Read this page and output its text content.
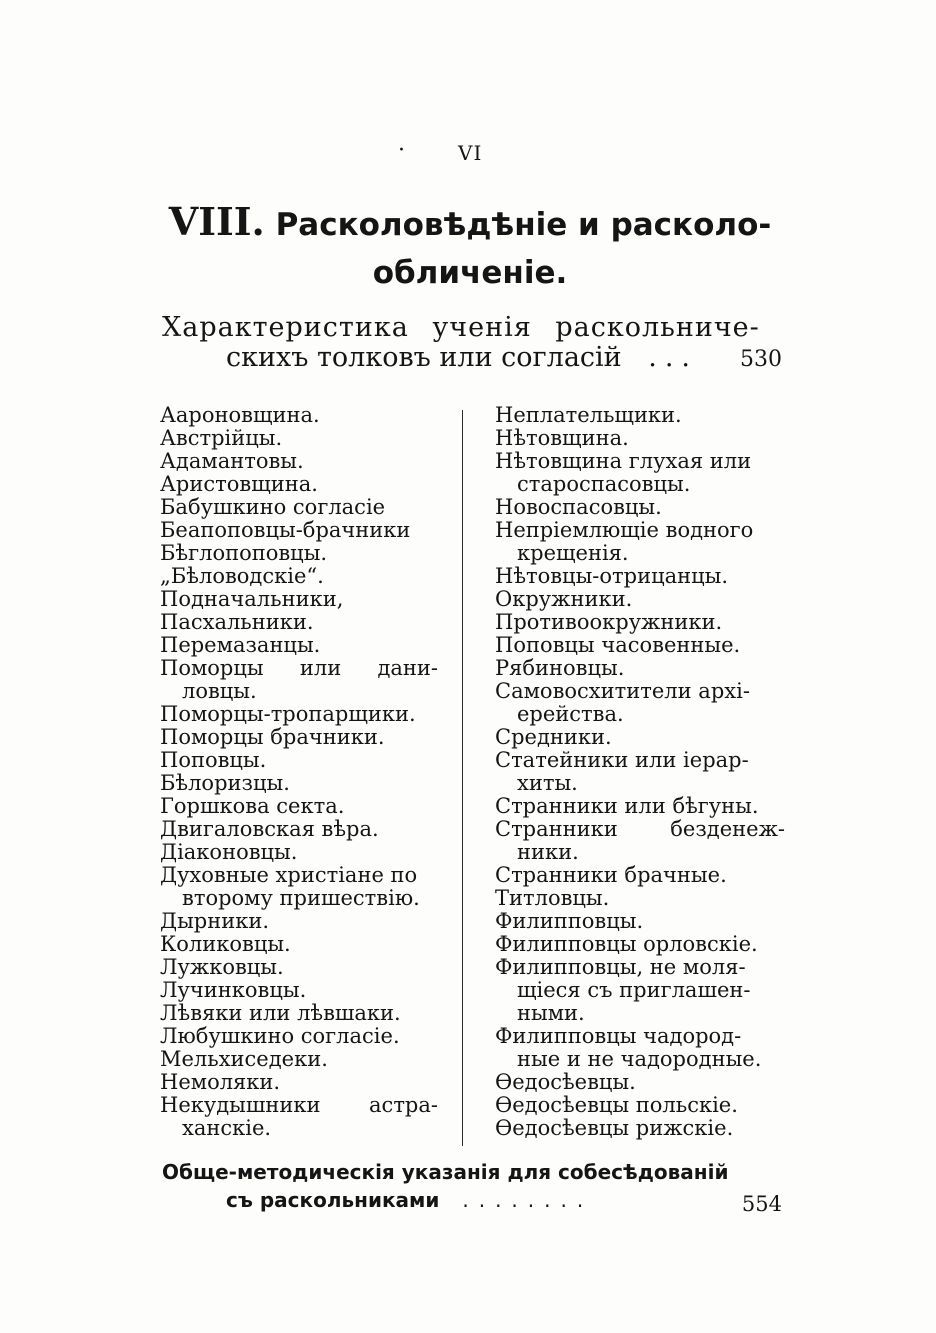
·	VI
VIII. Расколовѣдѣніе и расколо-
обличеніе.
Характеристика ученія раскольниче-
скихъ толковъ или согласій ...	530
Аароновщина.
Австрійцы.
Адамантовы.
Аристовщина.
Бабушкино согласіе
Беапоповцы-брачники
Бѣглопоповцы.
„Бѣловодскіе“.
Подначальники,
Пасхальники.
Перемазанцы.
Поморцы или дани-
ловцы.
Поморцы-тропарщики.
Поморцы брачники.
Поповцы.
Бѣлоризцы.
Горшкова секта.
Двигаловская вѣра.
Діаконовцы.
Духовные христіане по
второму пришествію.
Дырники.
Коликовцы.
Лужковцы.
Лучинковцы.
Лѣвяки или лѣвшаки.
Любушкино согласіе.
Мельхиседеки.
Немоляки.
Некудышники астра-
ханскіе.
Неплательщики.
Нѣтовщина.
Нѣтовщина глухая или
староспасовцы.
Новоспасовцы.
Непріемлющіе водного
крещенія.
Нѣтовцы-отрицанцы.
Окружники.
Противоокружники.
Поповцы часовенные.
Рябиновцы.
Самовосхитители архі-
ерейства.
Средники.
Статейники или іерар-
хиты.
Странники или бѣгуны.
Странники	безденеж-
ники.
Странники брачные.
Титловцы.
Филипповцы.
Филипповцы орловскіе.
Филипповцы, не моля-
щіеся съ приглашен-
ными.
Филипповцы чадород-
ные и не чадородные.
Ѳедосѣевцы.
Ѳедосѣевцы польскіе.
Ѳедосѣевцы рижскіе.
Обще-методическія указанія для собесѣдованій
съ раскольниками ........	554
